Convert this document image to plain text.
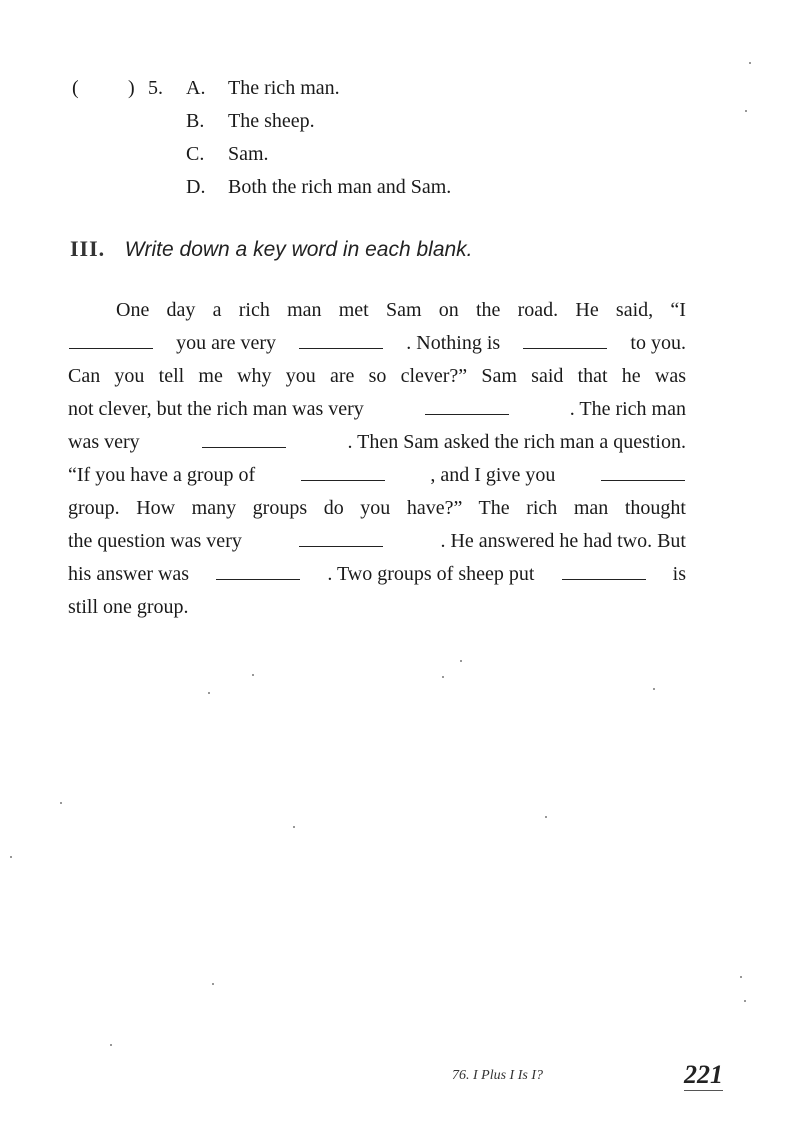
( ) 5. A. The rich man.
B. The sheep.
C. Sam.
D. Both the rich man and Sam.
III. Write down a key word in each blank.
One day a rich man met Sam on the road. He said, “I
you are very	. Nothing is	to you.
Can you tell me why you are so clever?” Sam said that he was
not clever, but the rich man was very	. The rich man
was very	. Then Sam asked the rich man a question.
“If you have a group of	, and I give you
group. How many groups do you have?” The rich man thought
the question was very	. He answered he had two. But
his answer was	. Two groups of sheep put	is
still one group.
76. I Plus I Is I?	221
